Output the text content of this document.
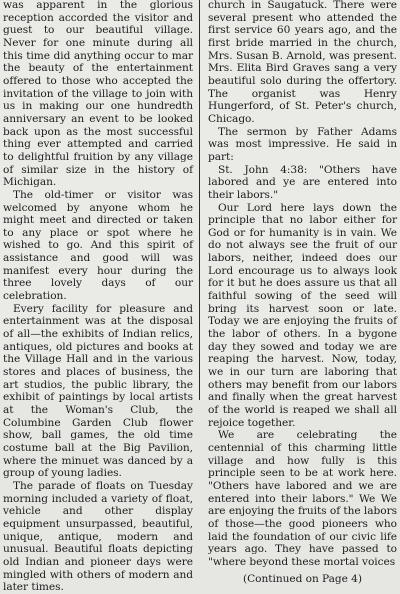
was apparent in the glorious reception accorded the visitor and guest to our beautiful village. Never for one minute during all this time did anything occur to mar the beauty of the entertainment offered to those who accepted the invitation of the village to join with us in making our one hundredth anniversary an event to be looked back upon as the most successful thing ever attempted and carried to delightful fruition by any village of similar size in the history of Michigan.

The old-timer or visitor was welcomed by anyone whom he might meet and directed or taken to any place or spot where he wished to go. And this spirit of assistance and good will was manifest every hour during the three lovely days of our celebration.

Every facility for pleasure and entertainment was at the disposal of all—the exhibits of Indian relics, antiques, old pictures and books at the Village Hall and in the various stores and places of business, the art studios, the public library, the exhibit of paintings by local artists at the Woman's Club, the Columbine Garden Club flower show, ball games, the old time costume ball at the Big Pavilion, where the minuet was danced by a group of young ladies.

The parade of floats on Tuesday morning included a variety of float, vehicle and other display equipment unsurpassed, beautiful, unique, antique, modern and unusual. Beautiful floats depicting old Indian and pioneer days were mingled with others of modern and later times.

church in Saugatuck. There were several present who attended the first service 60 years ago, and the first bride married in the church, Mrs. Susan B. Arnold, was present. Mrs. Elita Bird Graves sang a very beautiful solo during the offertory. The organist was Henry Hungerford, of St. Peter's church, Chicago.

The sermon by Father Adams was most impressive. He said in part:

St. John 4:38: "Others have labored and ye are entered into their labors."

Our Lord here lays down the principle that no labor either for God or for humanity is in vain. We do not always see the fruit of our labors, neither, indeed does our Lord encourage us to always look for it but he does assure us that all faithful sowing of the seed will bring its harvest soon or late. Today we are enjoying the fruits of the labor of others. In a bygone day they sowed and today we are reaping the harvest. Now, today, we in our turn are laboring that others may benefit from our labors and finally when the great harvest of the world is reaped we shall all rejoice together.

We are celebrating the centennial of this charming little village and how fully is this principle seen to be at work here. "Others have labored and we are entered into their labors." We We are enjoying the fruits of the labors of those—the good pioneers who laid the foundation of our civic life years ago. They have passed to "where beyond these mortal voices

(Continued on Page 4)
